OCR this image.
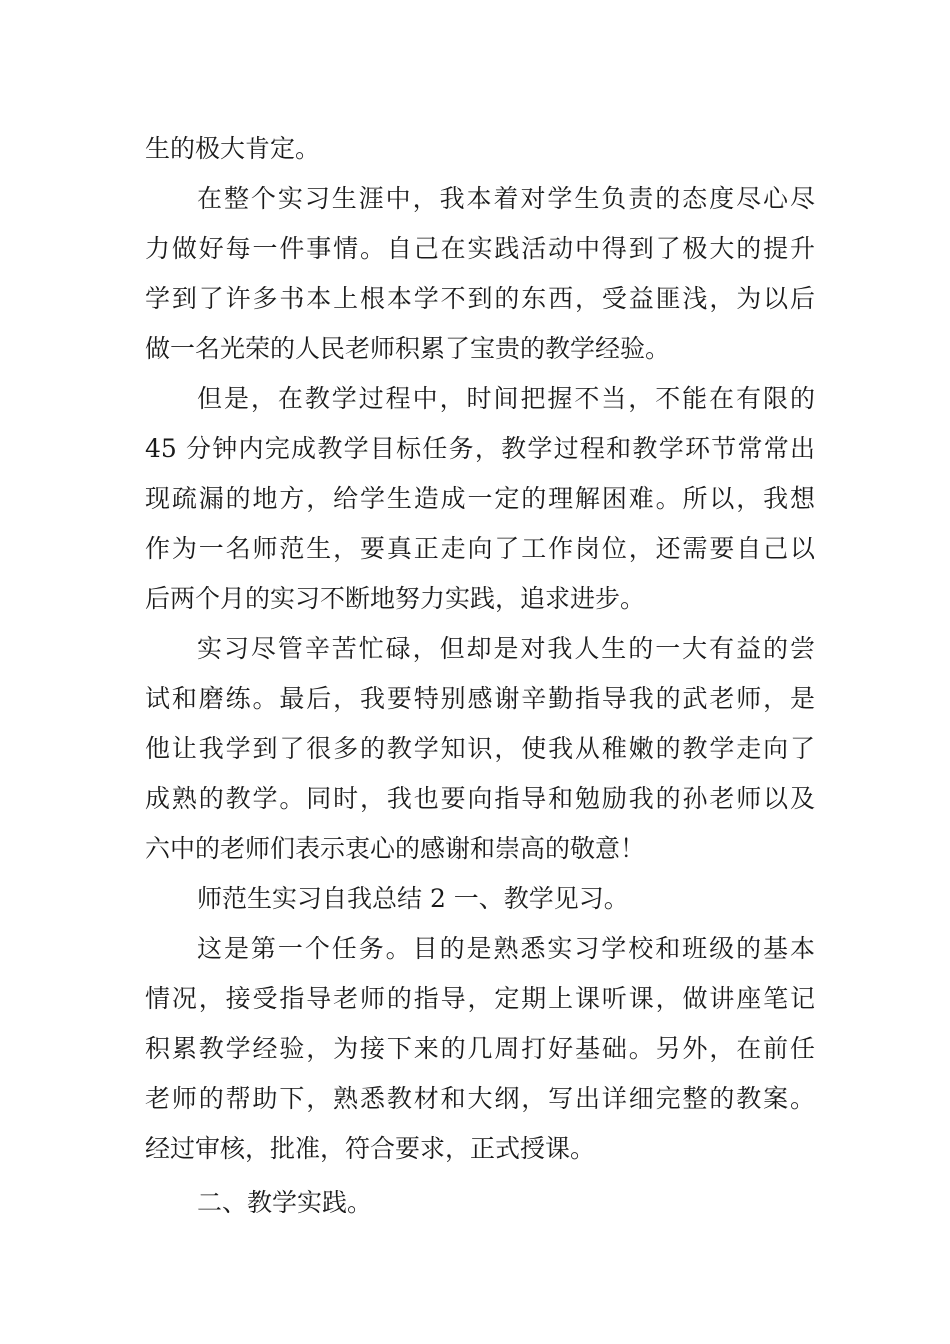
生的极大肯定。
在整个实习生涯中，我本着对学生负责的态度尽心尽
力做好每一件事情。自己在实践活动中得到了极大的提升
学到了许多书本上根本学不到的东西，受益匪浅，为以后
做一名光荣的人民老师积累了宝贵的教学经验。
但是，在教学过程中，时间把握不当，不能在有限的
45 分钟内完成教学目标任务，教学过程和教学环节常常出
现疏漏的地方，给学生造成一定的理解困难。所以，我想
作为一名师范生，要真正走向了工作岗位，还需要自己以
后两个月的实习不断地努力实践，追求进步。
实习尽管辛苦忙碌，但却是对我人生的一大有益的尝
试和磨练。最后，我要特别感谢辛勤指导我的武老师，是
他让我学到了很多的教学知识，使我从稚嫩的教学走向了
成熟的教学。同时，我也要向指导和勉励我的孙老师以及
六中的老师们表示衷心的感谢和崇高的敬意！
师范生实习自我总结 2 一、教学见习。
这是第一个任务。目的是熟悉实习学校和班级的基本
情况，接受指导老师的指导，定期上课听课，做讲座笔记
积累教学经验，为接下来的几周打好基础。另外，在前任
老师的帮助下，熟悉教材和大纲，写出详细完整的教案。
经过审核，批准，符合要求，正式授课。
二、教学实践。
